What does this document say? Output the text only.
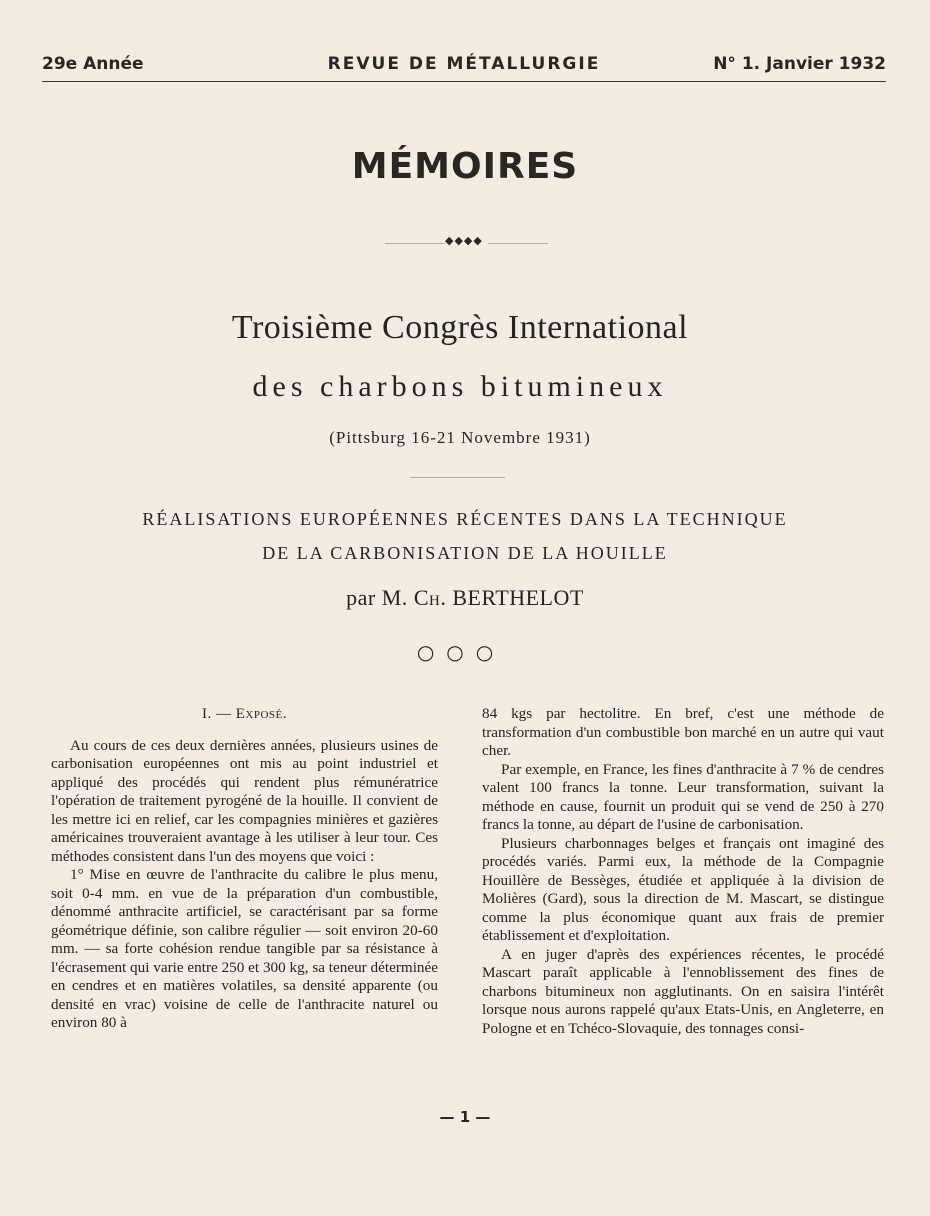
29e Année	REVUE DE MÉTALLURGIE	N° 1. Janvier 1932
MÉMOIRES
◆◆◆◆
Troisième Congrès International
des charbons bitumineux
(Pittsburg 16-21 Novembre 1931)
RÉALISATIONS EUROPÉENNES RÉCENTES DANS LA TECHNIQUE
DE LA CARBONISATION DE LA HOUILLE
par M. Ch. BERTHELOT
○○○
I. — Exposé.

Au cours de ces deux dernières années, plusieurs usines de carbonisation européennes ont mis au point industriel et appliqué des procédés qui rendent plus rémunératrice l'opération de traitement pyrogéné de la houille. Il convient de les mettre ici en relief, car les compagnies minières et gazières américaines trouveraient avantage à les utiliser à leur tour. Ces méthodes consistent dans l'un des moyens que voici :

1° Mise en œuvre de l'anthracite du calibre le plus menu, soit 0-4 mm. en vue de la préparation d'un combustible, dénommé anthracite artificiel, se caractérisant par sa forme géométrique définie, son calibre régulier — soit environ 20-60 mm. — sa forte cohésion rendue tangible par sa résistance à l'écrasement qui varie entre 250 et 300 kg, sa teneur déterminée en cendres et en matières volatiles, sa densité apparente (ou densité en vrac) voisine de celle de l'anthracite naturel ou environ 80 à

84 kgs par hectolitre. En bref, c'est une méthode de transformation d'un combustible bon marché en un autre qui vaut cher.

Par exemple, en France, les fines d'anthracite à 7 % de cendres valent 100 francs la tonne. Leur transformation, suivant la méthode en cause, fournit un produit qui se vend de 250 à 270 francs la tonne, au départ de l'usine de carbonisation.

Plusieurs charbonnages belges et français ont imaginé des procédés variés. Parmi eux, la méthode de la Compagnie Houillère de Bessèges, étudiée et appliquée à la division de Molières (Gard), sous la direction de M. Mascart, se distingue comme la plus économique quant aux frais de premier établissement et d'exploitation.

A en juger d'après des expériences récentes, le procédé Mascart paraît applicable à l'ennoblissement des fines de charbons bitumineux non agglutinants. On en saisira l'intérêt lorsque nous aurons rappelé qu'aux Etats-Unis, en Angleterre, en Pologne et en Tchéco-Slovaquie, des tonnages consi-

— 1 —
